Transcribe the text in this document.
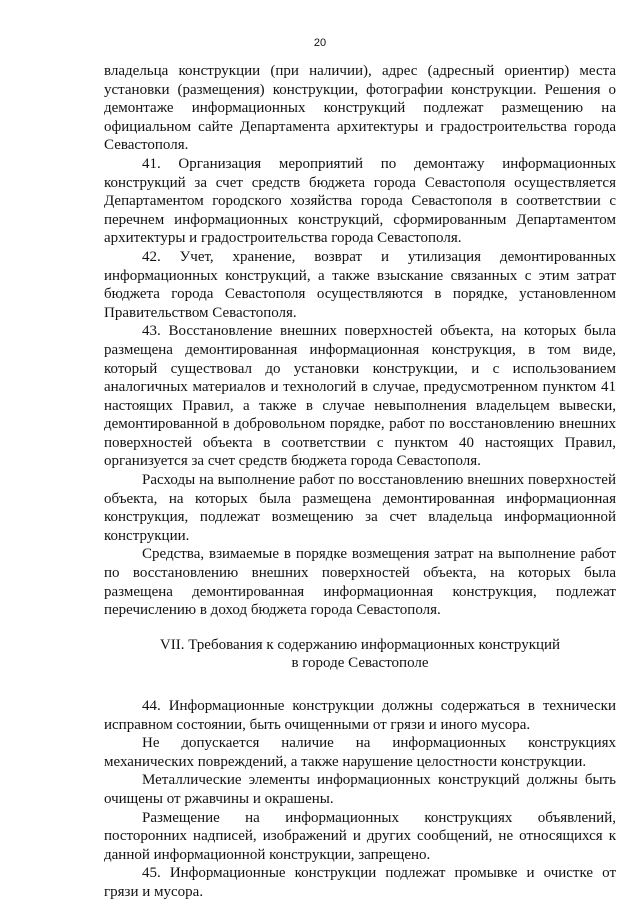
20

владельца конструкции (при наличии), адрес (адресный ориентир) места установки (размещения) конструкции, фотографии конструкции. Решения о демонтаже информационных конструкций подлежат размещению на официальном сайте Департамента архитектуры и градостроительства города Севастополя.

41. Организация мероприятий по демонтажу информационных конструкций за счет средств бюджета города Севастополя осуществляется Департаментом городского хозяйства города Севастополя в соответствии с перечнем информационных конструкций, сформированным Департаментом архитектуры и градостроительства города Севастополя.

42. Учет, хранение, возврат и утилизация демонтированных информационных конструкций, а также взыскание связанных с этим затрат бюджета города Севастополя осуществляются в порядке, установленном Правительством Севастополя.

43. Восстановление внешних поверхностей объекта, на которых была размещена демонтированная информационная конструкция, в том виде, который существовал до установки конструкции, и с использованием аналогичных материалов и технологий в случае, предусмотренном пунктом 41 настоящих Правил, а также в случае невыполнения владельцем вывески, демонтированной в добровольном порядке, работ по восстановлению внешних поверхностей объекта в соответствии с пунктом 40 настоящих Правил, организуется за счет средств бюджета города Севастополя.

Расходы на выполнение работ по восстановлению внешних поверхностей объекта, на которых была размещена демонтированная информационная конструкция, подлежат возмещению за счет владельца информационной конструкции.

Средства, взимаемые в порядке возмещения затрат на выполнение работ по восстановлению внешних поверхностей объекта, на которых была размещена демонтированная информационная конструкция, подлежат перечислению в доход бюджета города Севастополя.

VII. Требования к содержанию информационных конструкций
в городе Севастополе

44. Информационные конструкции должны содержаться в технически исправном состоянии, быть очищенными от грязи и иного мусора.

Не допускается наличие на информационных конструкциях механических повреждений, а также нарушение целостности конструкции.

Металлические элементы информационных конструкций должны быть очищены от ржавчины и окрашены.

Размещение на информационных конструкциях объявлений, посторонних надписей, изображений и других сообщений, не относящихся к данной информационной конструкции, запрещено.

45. Информационные конструкции подлежат промывке и очистке от грязи и мусора.
